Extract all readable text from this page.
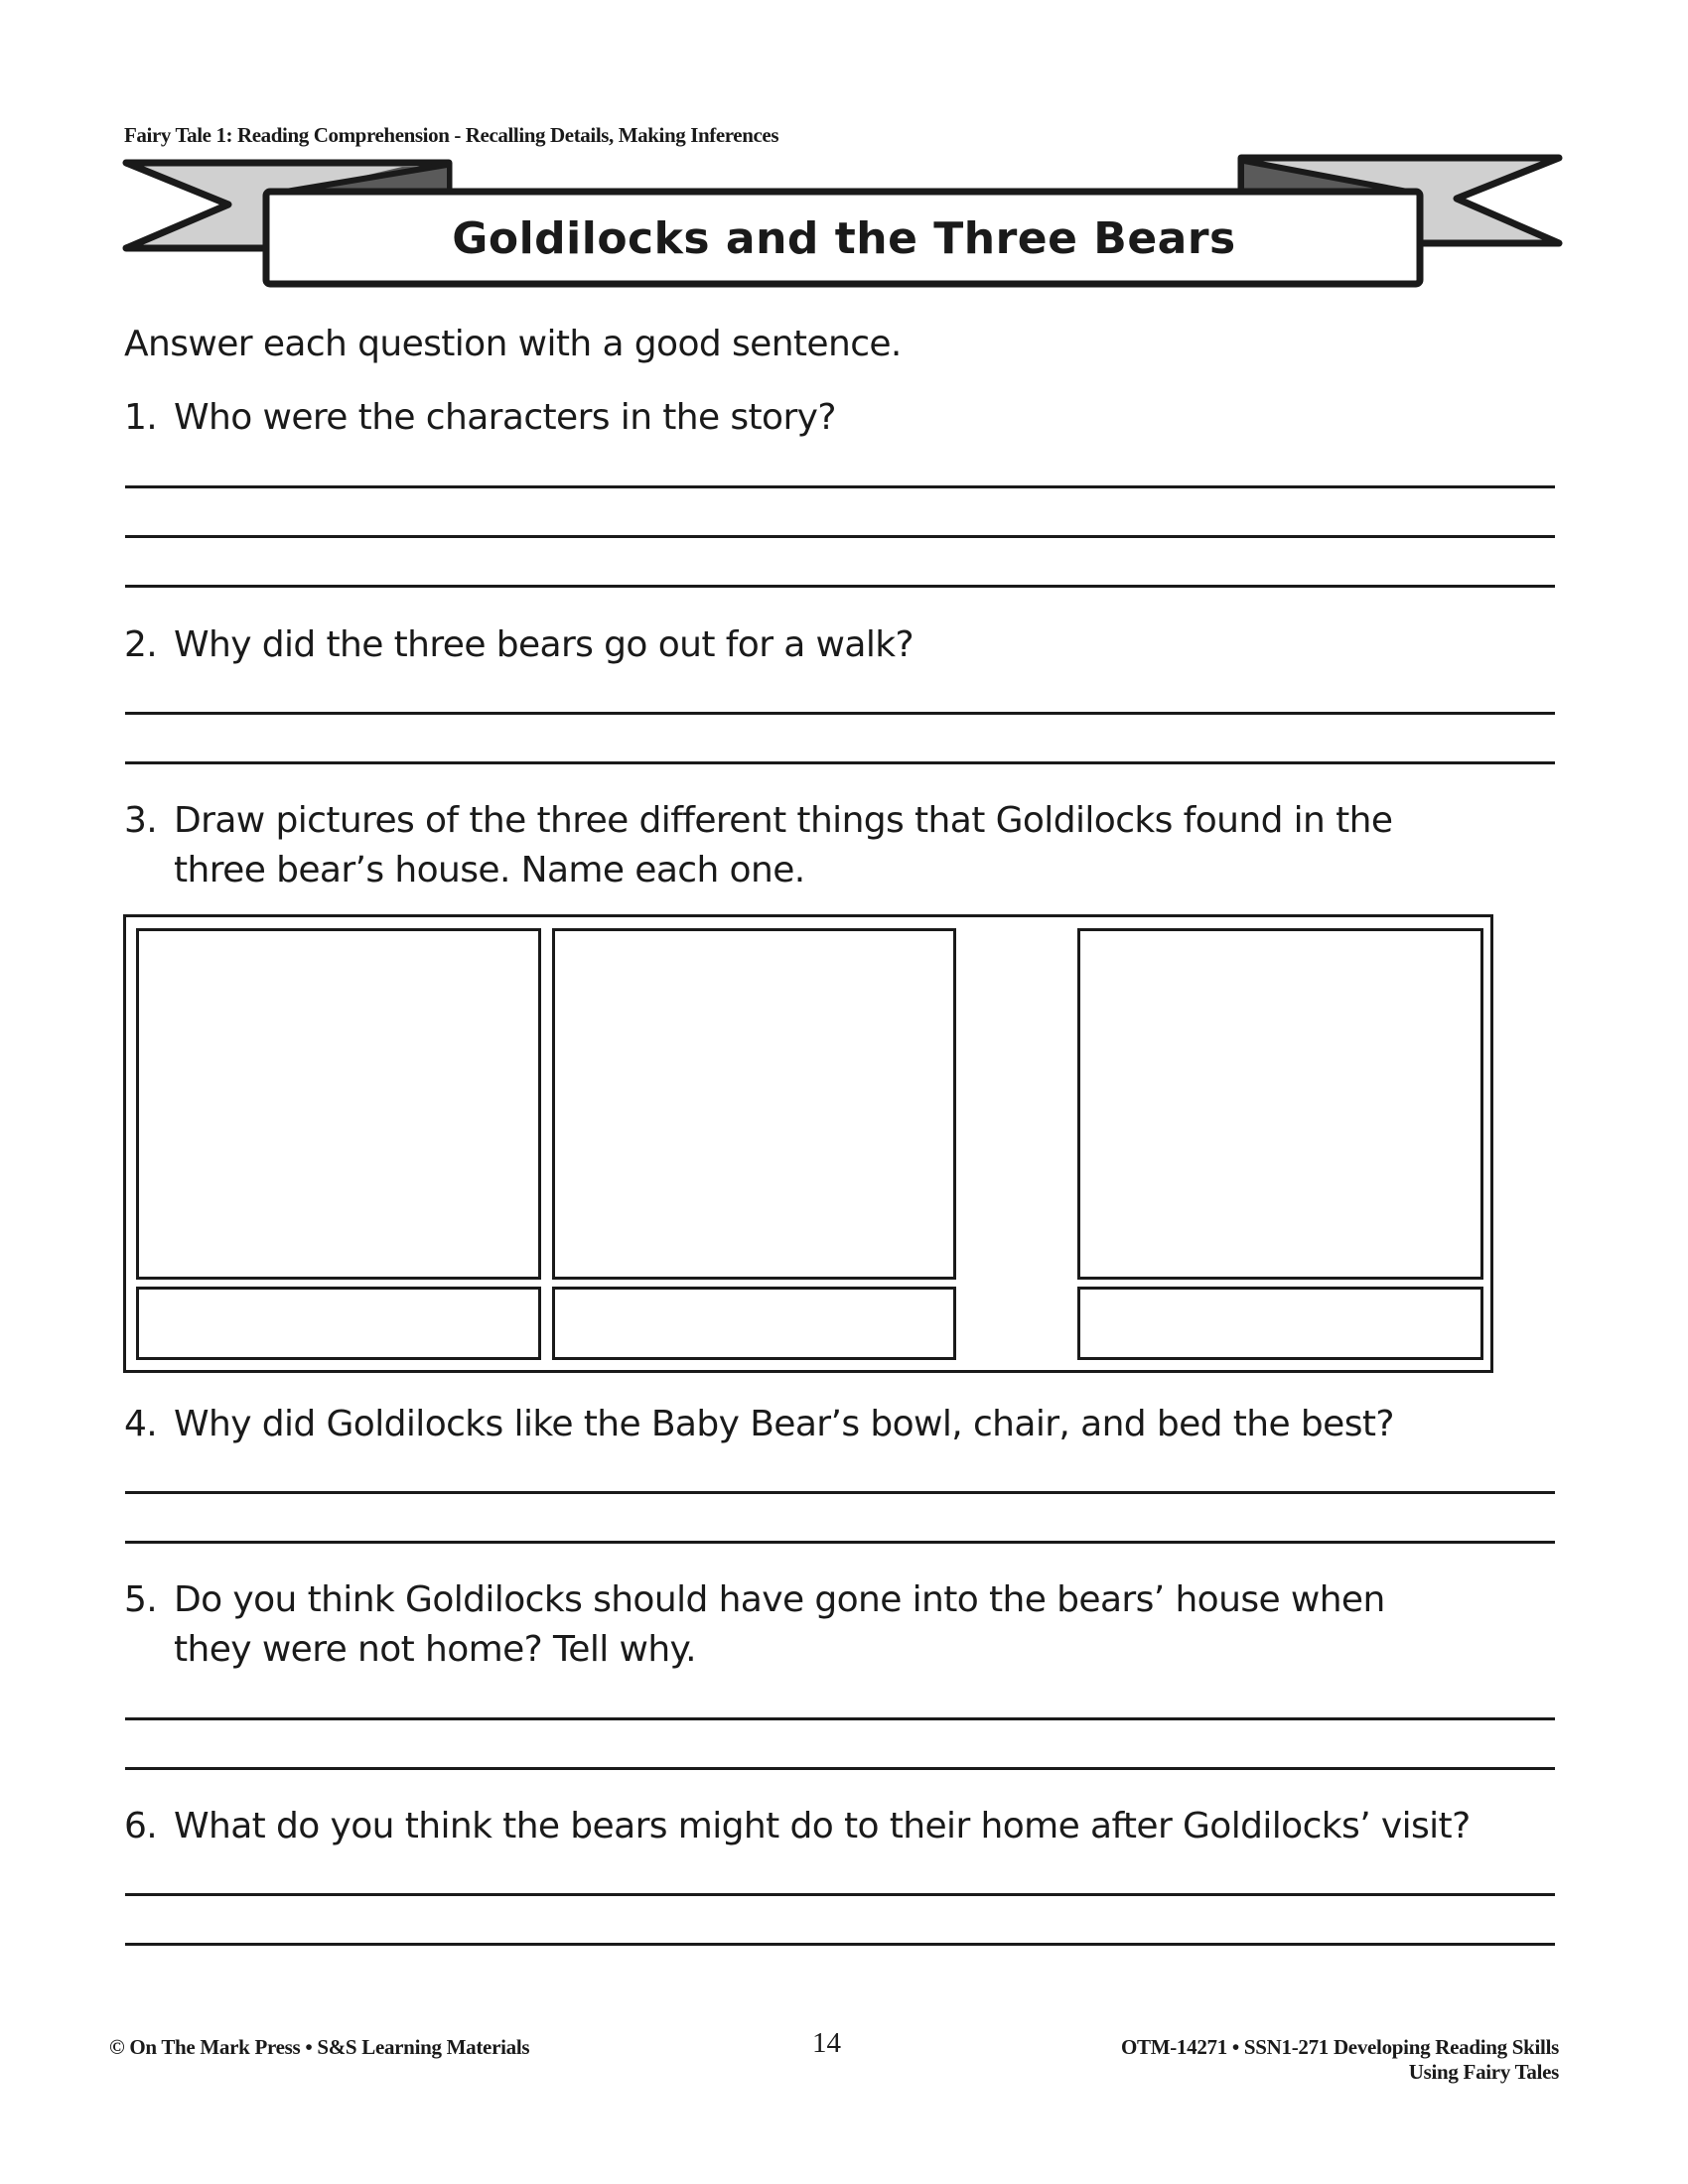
Fairy Tale 1: Reading Comprehension - Recalling Details, Making Inferences
Goldilocks and the Three Bears
Answer each question with a good sentence.
1. Who were the characters in the story?
2. Why did the three bears go out for a walk?
3. Draw pictures of the three different things that Goldilocks found in the
three bear’s house. Name each one.
4. Why did Goldilocks like the Baby Bear’s bowl, chair, and bed the best?
5. Do you think Goldilocks should have gone into the bears’ house when
they were not home? Tell why.
6. What do you think the bears might do to their home after Goldilocks’ visit?
© On The Mark Press • S&S Learning Materials	14	OTM-14271 • SSN1-271 Developing Reading Skills
Using Fairy Tales
